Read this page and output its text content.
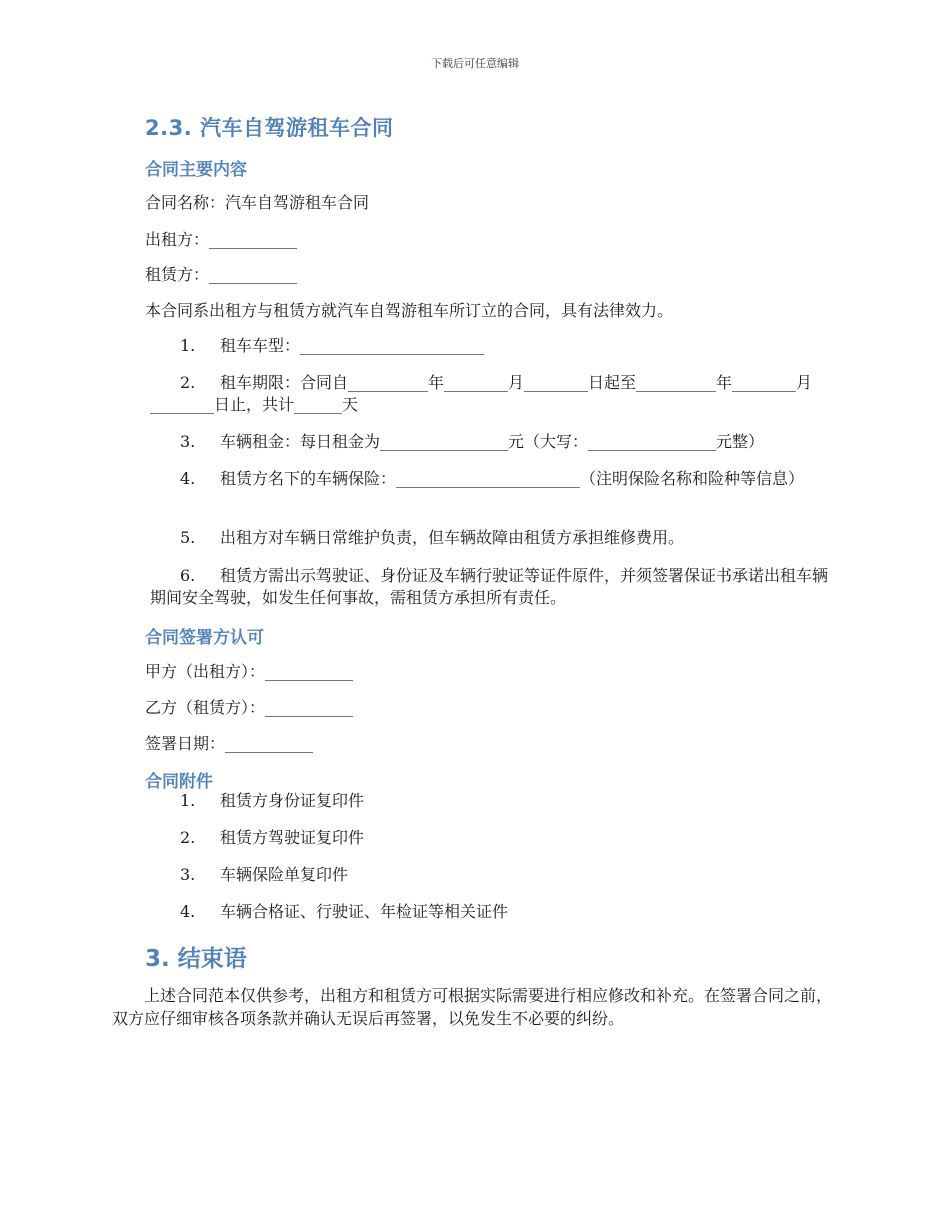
下载后可任意编辑
2.3. 汽车自驾游租车合同
合同主要内容
合同名称：汽车自驾游租车合同
出租方：___________
租赁方：___________
本合同系出租方与租赁方就汽车自驾游租车所订立的合同，具有法律效力。
1. 租车车型：_______________________
2. 租车期限：合同自__________年________月________日起至__________年________月________日止，共计______天
3. 车辆租金：每日租金为________________元（大写：________________元整）
4. 租赁方名下的车辆保险：_______________________（注明保险名称和险种等信息）
5. 出租方对车辆日常维护负责，但车辆故障由租赁方承担维修费用。
6. 租赁方需出示驾驶证、身份证及车辆行驶证等证件原件，并须签署保证书承诺出租车辆期间安全驾驶，如发生任何事故，需租赁方承担所有责任。
合同签署方认可
甲方（出租方）：___________
乙方（租赁方）：___________
签署日期：___________
合同附件
1. 租赁方身份证复印件
2. 租赁方驾驶证复印件
3. 车辆保险单复印件
4. 车辆合格证、行驶证、年检证等相关证件
3. 结束语
上述合同范本仅供参考，出租方和租赁方可根据实际需要进行相应修改和补充。在签署合同之前，双方应仔细审核各项条款并确认无误后再签署，以免发生不必要的纠纷。
